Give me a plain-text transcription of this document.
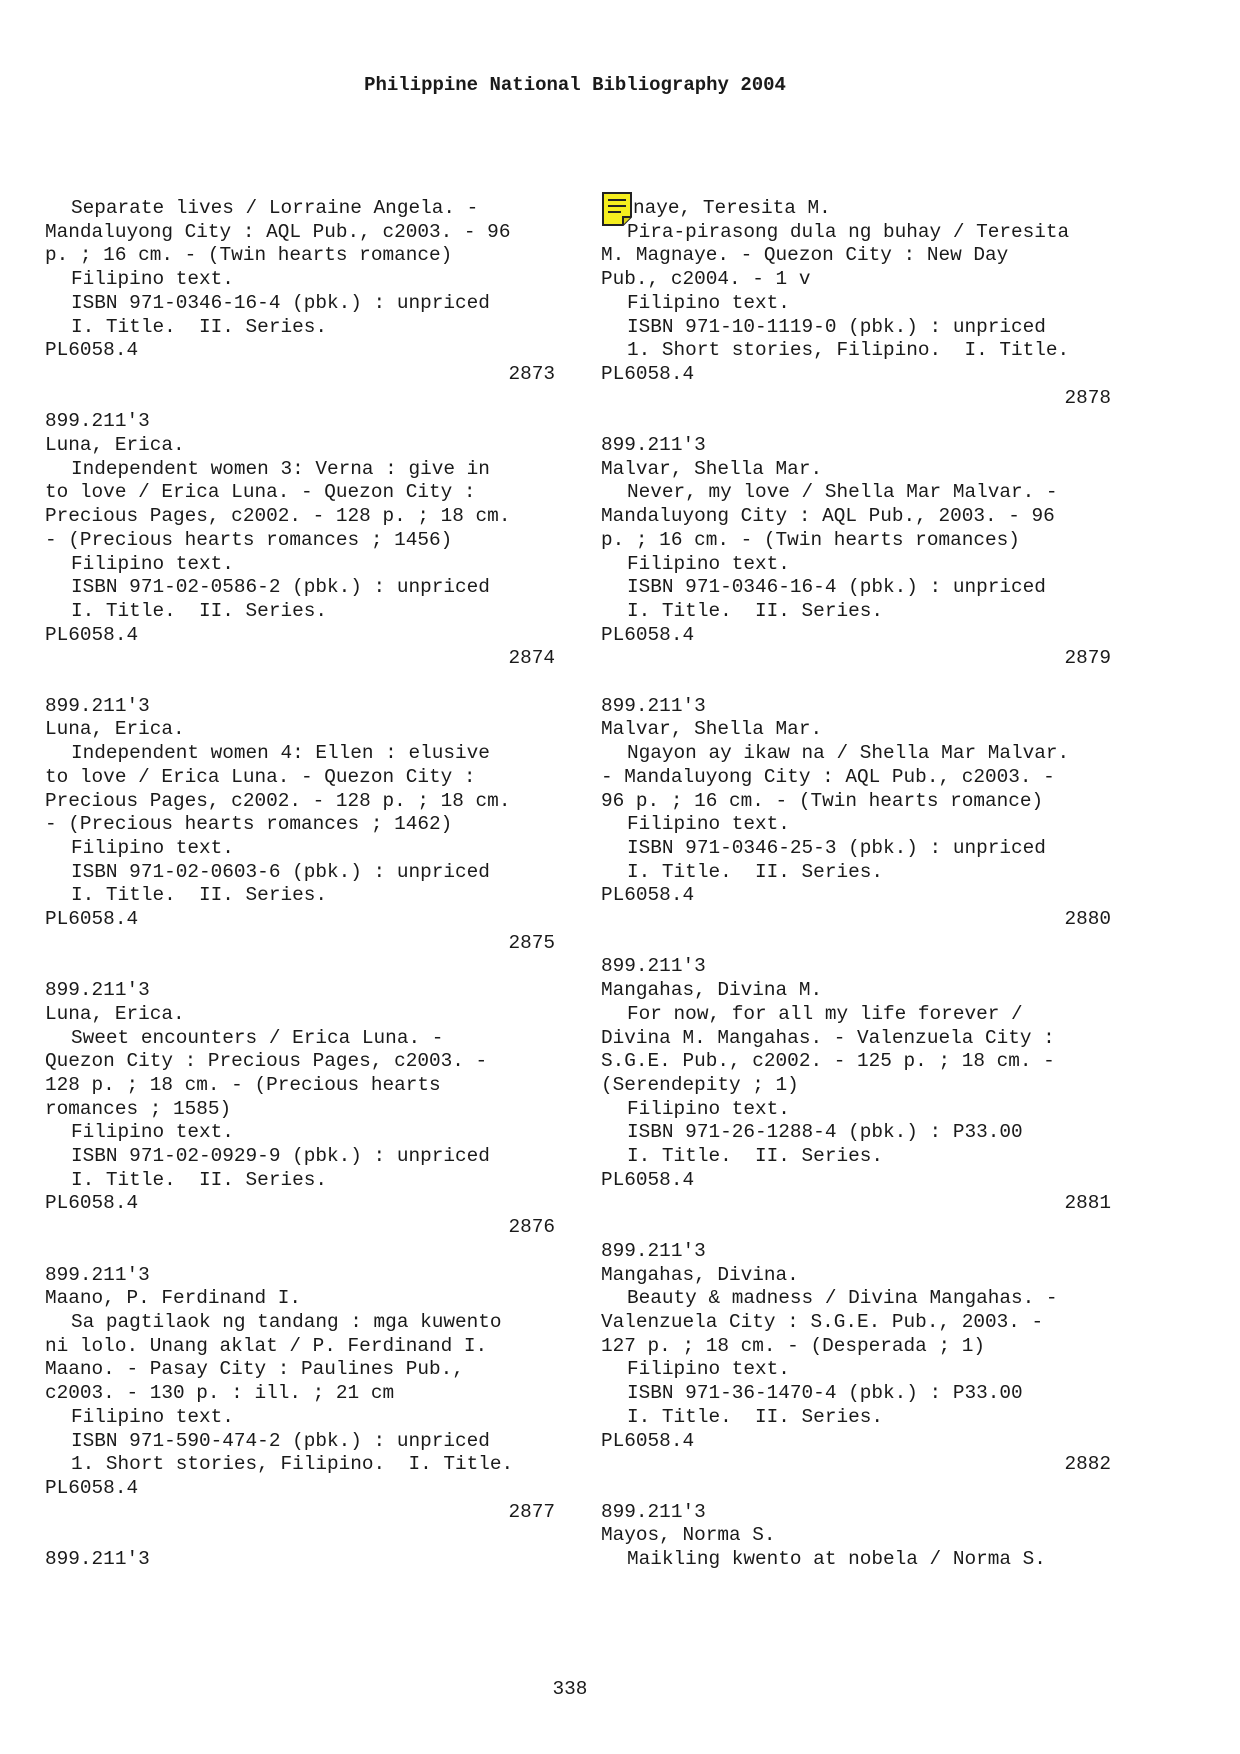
Philippine National Bibliography 2004
Separate lives / Lorraine Angela. -
Mandaluyong City : AQL Pub., c2003. - 96
p. ; 16 cm. - (Twin hearts romance)
Filipino text.
ISBN 971-0346-16-4 (pbk.) : unpriced
I. Title.  II. Series.
PL6058.4
2873
899.211'3
Luna, Erica.
Independent women 3: Verna : give in
to love / Erica Luna. - Quezon City :
Precious Pages, c2002. - 128 p. ; 18 cm.
- (Precious hearts romances ; 1456)
Filipino text.
ISBN 971-02-0586-2 (pbk.) : unpriced
I. Title.  II. Series.
PL6058.4
2874
899.211'3
Luna, Erica.
Independent women 4: Ellen : elusive
to love / Erica Luna. - Quezon City :
Precious Pages, c2002. - 128 p. ; 18 cm.
- (Precious hearts romances ; 1462)
Filipino text.
ISBN 971-02-0603-6 (pbk.) : unpriced
I. Title.  II. Series.
PL6058.4
2875
899.211'3
Luna, Erica.
Sweet encounters / Erica Luna. -
Quezon City : Precious Pages, c2003. -
128 p. ; 18 cm. - (Precious hearts
romances ; 1585)
Filipino text.
ISBN 971-02-0929-9 (pbk.) : unpriced
I. Title.  II. Series.
PL6058.4
2876
899.211'3
Maano, P. Ferdinand I.
Sa pagtilaok ng tandang : mga kuwento
ni lolo. Unang aklat / P. Ferdinand I.
Maano. - Pasay City : Paulines Pub.,
c2003. - 130 p. : ill. ; 21 cm
Filipino text.
ISBN 971-590-474-2 (pbk.) : unpriced
1. Short stories, Filipino.  I. Title.
PL6058.4
2877
899.211'3
naye, Teresita M.
Pira-pirasong dula ng buhay / Teresita
M. Magnaye. - Quezon City : New Day
Pub., c2004. - 1 v
Filipino text.
ISBN 971-10-1119-0 (pbk.) : unpriced
1. Short stories, Filipino.  I. Title.
PL6058.4
2878
899.211'3
Malvar, Shella Mar.
Never, my love / Shella Mar Malvar. -
Mandaluyong City : AQL Pub., 2003. - 96
p. ; 16 cm. - (Twin hearts romances)
Filipino text.
ISBN 971-0346-16-4 (pbk.) : unpriced
I. Title.  II. Series.
PL6058.4
2879
899.211'3
Malvar, Shella Mar.
Ngayon ay ikaw na / Shella Mar Malvar.
- Mandaluyong City : AQL Pub., c2003. -
96 p. ; 16 cm. - (Twin hearts romance)
Filipino text.
ISBN 971-0346-25-3 (pbk.) : unpriced
I. Title.  II. Series.
PL6058.4
2880
899.211'3
Mangahas, Divina M.
For now, for all my life forever /
Divina M. Mangahas. - Valenzuela City :
S.G.E. Pub., c2002. - 125 p. ; 18 cm. -
(Serendepity ; 1)
Filipino text.
ISBN 971-26-1288-4 (pbk.) : P33.00
I. Title.  II. Series.
PL6058.4
2881
899.211'3
Mangahas, Divina.
Beauty & madness / Divina Mangahas. -
Valenzuela City : S.G.E. Pub., 2003. -
127 p. ; 18 cm. - (Desperada ; 1)
Filipino text.
ISBN 971-36-1470-4 (pbk.) : P33.00
I. Title.  II. Series.
PL6058.4
2882
899.211'3
Mayos, Norma S.
Maikling kwento at nobela / Norma S.
338
